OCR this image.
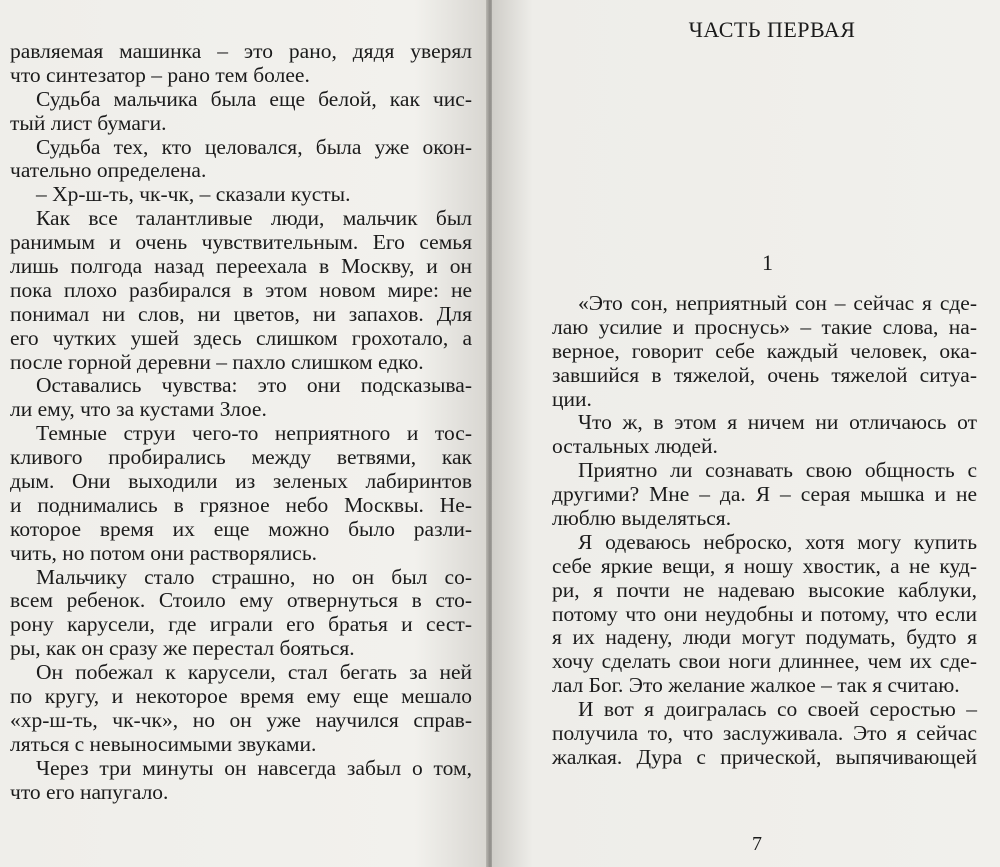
равляемая машинка – это рано, дядя уверял
что синтезатор – рано тем более.
Судьба мальчика была еще белой, как чис-
тый лист бумаги.
Судьба тех, кто целовался, была уже окон-
чательно определена.
– Хр-ш-ть, чк-чк, – сказали кусты.
Как все талантливые люди, мальчик был
ранимым и очень чувствительным. Его семья
лишь полгода назад переехала в Москву, и он
пока плохо разбирался в этом новом мире: не
понимал ни слов, ни цветов, ни запахов. Для
его чутких ушей здесь слишком грохотало, а
после горной деревни – пахло слишком едко.
Оставались чувства: это они подсказыва-
ли ему, что за кустами Злое.
Темные струи чего-то неприятного и тос-
кливого пробирались между ветвями, как
дым. Они выходили из зеленых лабиринтов
и поднимались в грязное небо Москвы. Не-
которое время их еще можно было разли-
чить, но потом они растворялись.
Мальчику стало страшно, но он был со-
всем ребенок. Стоило ему отвернуться в сто-
рону карусели, где играли его братья и сест-
ры, как он сразу же перестал бояться.
Он побежал к карусели, стал бегать за ней
по кругу, и некоторое время ему еще мешало
«хр-ш-ть, чк-чк», но он уже научился справ-
ляться с невыносимыми звуками.
Через три минуты он навсегда забыл о том,
что его напугало.
ЧАСТЬ ПЕРВАЯ
1
«Это сон, неприятный сон – сейчас я сде-
лаю усилие и проснусь» – такие слова, на-
верное, говорит себе каждый человек, ока-
завшийся в тяжелой, очень тяжелой ситуа-
ции.
Что ж, в этом я ничем ни отличаюсь от
остальных людей.
Приятно ли сознавать свою общность с
другими? Мне – да. Я – серая мышка и не
люблю выделяться.
Я одеваюсь неброско, хотя могу купить
себе яркие вещи, я ношу хвостик, а не куд-
ри, я почти не надеваю высокие каблуки,
потому что они неудобны и потому, что если
я их надену, люди могут подумать, будто я
хочу сделать свои ноги длиннее, чем их сде-
лал Бог. Это желание жалкое – так я считаю.
И вот я доигралась со своей серостью –
получила то, что заслуживала. Это я сейчас
жалкая. Дура с прической, выпячивающей
7
